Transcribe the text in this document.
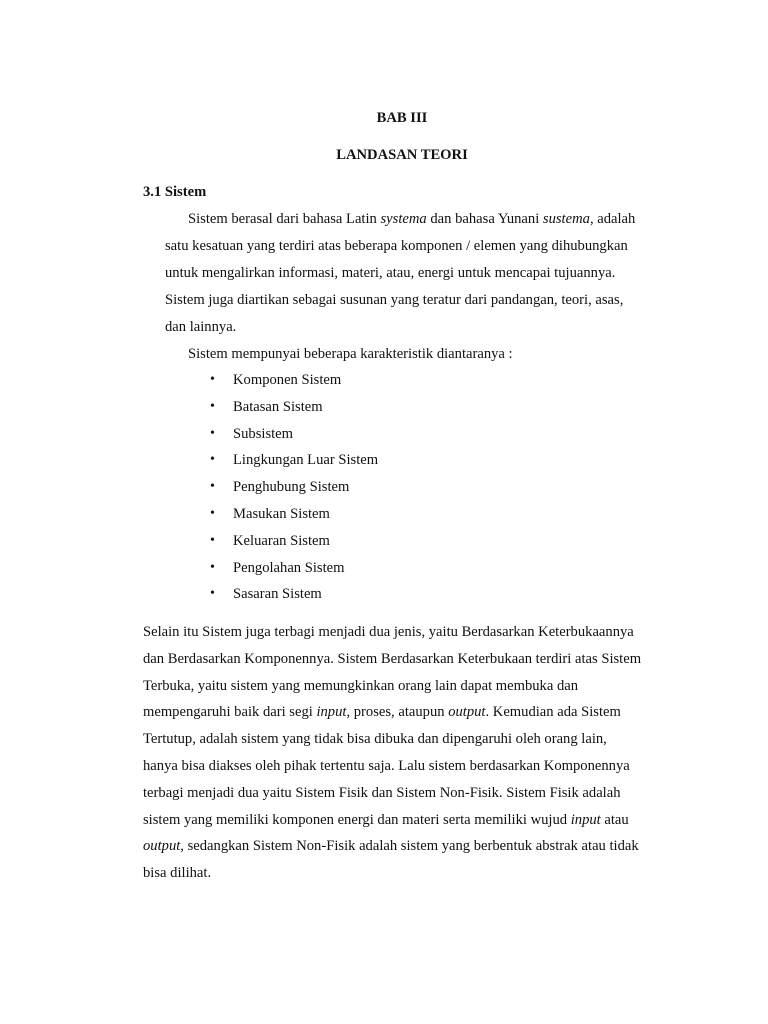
BAB III
LANDASAN TEORI
3.1 Sistem

Sistem berasal dari bahasa Latin systema dan bahasa Yunani sustema, adalah
satu kesatuan yang terdiri atas beberapa komponen / elemen yang dihubungkan
untuk mengalirkan informasi, materi, atau, energi untuk mencapai tujuannya.
Sistem juga diartikan sebagai susunan yang teratur dari pandangan, teori, asas,
dan lainnya.

Sistem mempunyai beberapa karakteristik diantaranya :

• Komponen Sistem
• Batasan Sistem
• Subsistem
• Lingkungan Luar Sistem
• Penghubung Sistem
• Masukan Sistem
• Keluaran Sistem
• Pengolahan Sistem
• Sasaran Sistem

Selain itu Sistem juga terbagi menjadi dua jenis, yaitu Berdasarkan Keterbukaannya
dan Berdasarkan Komponennya. Sistem Berdasarkan Keterbukaan terdiri atas Sistem
Terbuka, yaitu sistem yang memungkinkan orang lain dapat membuka dan
mempengaruhi baik dari segi input, proses, ataupun output. Kemudian ada Sistem
Tertutup, adalah sistem yang tidak bisa dibuka dan dipengaruhi oleh orang lain,
hanya bisa diakses oleh pihak tertentu saja. Lalu sistem berdasarkan Komponennya
terbagi menjadi dua yaitu Sistem Fisik dan Sistem Non-Fisik. Sistem Fisik adalah
sistem yang memiliki komponen energi dan materi serta memiliki wujud input atau
output, sedangkan Sistem Non-Fisik adalah sistem yang berbentuk abstrak atau tidak
bisa dilihat.
